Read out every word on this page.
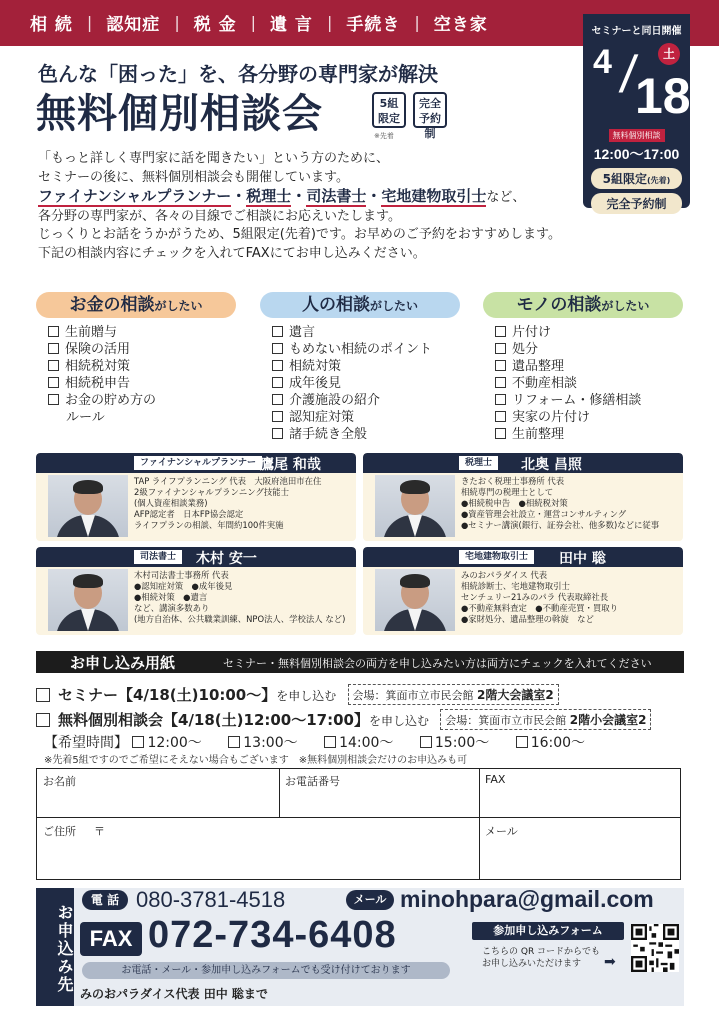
相 続 | 認知症 | 税 金 | 遺 言 | 手続き | 空き家	セミナーと同日開催
4 /
18
土
無料個別相談
12:00〜17:00
5組限定(先着)
完全予約制
色んな「困った」を、各分野の専門家が解決
無料個別相談会	5組
限定
完全
予約制
※先着

「もっと詳しく専門家に話を聞きたい」という方のために、

セミナーの後に、無料個別相談会も開催しています。

ファイナンシャルプランナー・税理士・司法書士・宅地建物取引士など、

各分野の専門家が、各々の目線でご相談にお応えいたします。

じっくりとお話をうかがうため、5組限定(先着)です。お早めのご予約をおすすめします。

下記の相談内容にチェックを入れてFAXにてお申し込みください。

お金の相談がしたい
生前贈与
保険の活用
相続税対策
相続税申告
お金の貯め方の
ルール
人の相談がしたい
遺言
もめない相続のポイント
相続対策
成年後見
介護施設の紹介
認知症対策
諸手続き全般
モノの相談がしたい
片付け
処分
遺品整理
不動産相談
リフォーム・修繕相談
実家の片付け
生前整理
ファイナンシャルプランナー 鷹尾 和哉
TAP ライフプランニング 代表　大阪府池田市在住
2級ファイナンシャルプランニング技能士
(個人資産相談業務)
AFP認定者　日本FP協会認定
ライフプランの相談、年間約100件実施
税理士	北奥 昌照
きたおく税理士事務所 代表
相続専門の税理士として
●相続税申告　●相続税対策
●資産管理会社設立・運営コンサルティング
●セミナー講演(銀行、証券会社、他多数)などに従事
司法書士	木村 安一
木村司法書士事務所 代表
●認知症対策　●成年後見
●相続対策　●遺言
など、講演多数あり
(地方自治体、公共職業訓練、NPO法人、学校法人 など)
宅地建物取引士	田中 聡
みのおパラダイス 代表
相続診断士、宅地建物取引士
センチュリー21みのパラ 代表取締社長
●不動産無料査定　●不動産売買・買取り
●家財処分、遺品整理の斡旋　など
お申し込み用紙	セミナー・無料個別相談会の両方を申し込みたい方は両方にチェックを入れてください
セミナー【4/18(土)10:00〜】を申し込む 会場：箕面市立市民会館 2階大会議室2
無料個別相談会【4/18(土)12:00〜17:00】を申し込む 会場：箕面市立市民会館 2階小会議室2
【希望時間】 12:00〜	13:00〜	14:00〜	15:00〜	16:00〜
※先着5組ですのでご希望にそえない場合もございます　※無料個別相談会だけのお申込みも可
お名前	お電話番号	FAX
ご住所 〒	メール
お申込み先
電 話 080-3781-4518	メール minohpara@gmail.com
FAX 072-734-6408
お電話・メール・参加申し込みフォームでも受け付けております
みのおパラダイス代表 田中 聡まで
参加申し込みフォーム
こちらの QR コードからでも
お申し込みいただけます	➡
